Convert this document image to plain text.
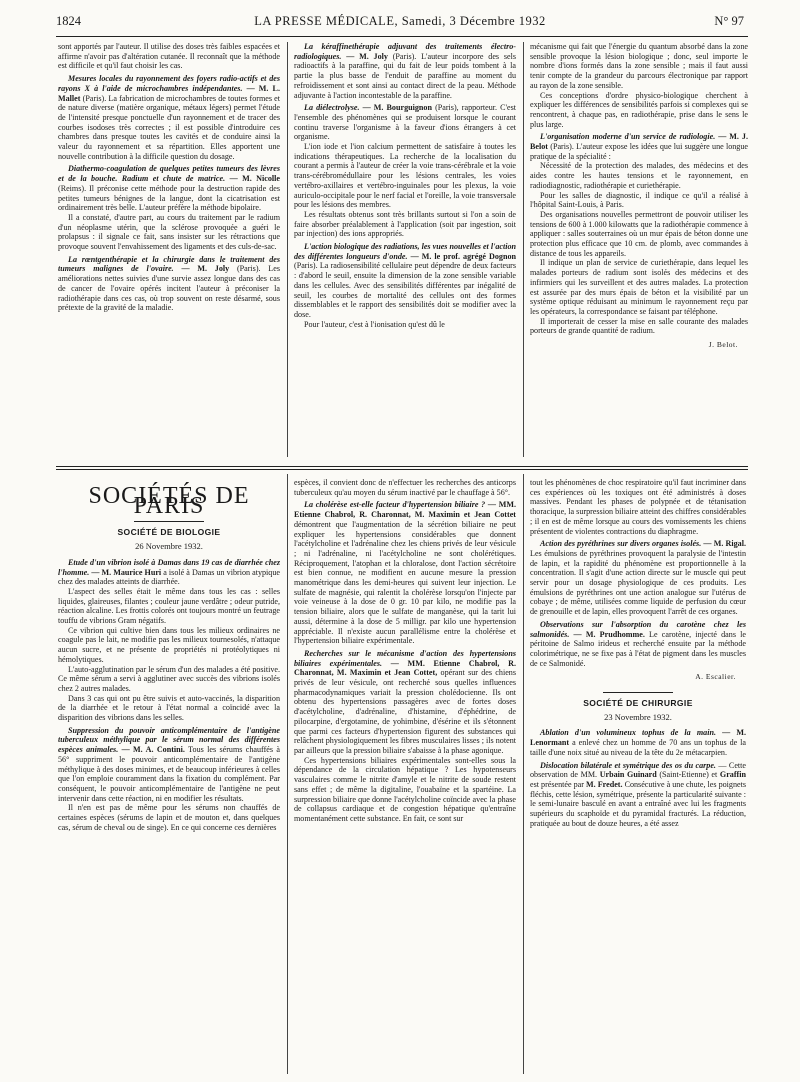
1824	LA PRESSE MÉDICALE, Samedi, 3 Décembre 1932	N° 97

sont apportés par l'auteur. Il utilise des doses très faibles espacées et affirme n'avoir pas d'altération cutanée. Il reconnaît que la méthode est difficile et qu'il faut choisir les cas.

Mesures locales du rayonnement des foyers radio-actifs et des rayons X à l'aide de microchambres indépendantes. — M. L. Mallet (Paris). La fabrication de microchambres de toutes formes et de nature diverse (matière organique, métaux légers) permet l'étude de l'intensité presque ponctuelle d'un rayonnement et de tracer des courbes isodoses très correctes ; il est possible d'introduire ces chambres dans presque toutes les cavités et de conduire ainsi la valeur du rayonnement et sa répartition. Elles apportent une nouvelle contribution à la difficile question du dosage.

Diathermo-coagulation de quelques petites tumeurs des lèvres et de la bouche. Radium et chute de matrice. — M. Nicolle (Reims). Il préconise cette méthode pour la destruction rapide des petites tumeurs bénignes de la langue, dont la cicatrisation est ordinairement très belle. L'auteur préfère la méthode bipolaire.

Il a constaté, d'autre part, au cours du traitement par le radium d'un néoplasme utérin, que la sclérose provoquée a guéri le prolapsus : il signale ce fait, sans insister sur les rétractions que provoque souvent l'envahissement des ligaments et des culs-de-sac.

La rœntgenthérapie et la chirurgie dans le traitement des tumeurs malignes de l'ovaire. — M. Joly (Paris). Les améliorations nettes suivies d'une survie assez longue dans des cas de cancer de l'ovaire opérés incitent l'auteur à préconiser la radiothérapie dans ces cas, où trop souvent on reste désarmé, sous prétexte de la gravité de la maladie.

La kéraffinethérapie adjuvant des traitements électro-radiologiques. — M. Joly (Paris). L'auteur incorpore des sels radioactifs à la paraffine, qui du fait de leur poids tombent à la partie la plus basse de l'enduit de paraffine au moment du refroidissement et sont ainsi au contact direct de la peau. Méthode adjuvante à l'action incontestable de la paraffine.

La diélectrolyse. — M. Bourguignon (Paris), rapporteur. C'est l'ensemble des phénomènes qui se produisent lorsque le courant continu traverse l'organisme à la faveur d'ions étrangers à cet organisme.

L'ion iode et l'ion calcium permettent de satisfaire à toutes les indications thérapeutiques. La recherche de la localisation du courant a permis à l'auteur de créer la voie trans-cérébrale et la voie trans-cérébromédullaire pour les lésions centrales, les voies vertébro-axillaires et vertébro-inguinales pour les plexus, la voie auriculo-occipitale pour le nerf facial et l'oreille, la voie transversale pour les lésions des membres.

Les résultats obtenus sont très brillants surtout si l'on a soin de faire absorber préalablement à l'application (soit par ingestion, soit par injection) des ions appropriés.

L'action biologique des radiations, les vues nouvelles et l'action des différentes longueurs d'onde. — M. le prof. agrégé Dognon (Paris). La radiosensibilité cellulaire peut dépendre de deux facteurs : d'abord le seuil, ensuite la dimension de la zone sensible variable dans les cellules. Avec des sensibilités différentes par inégalité de seuil, les courbes de mortalité des cellules ont des formes dissemblables et le rapport des sensibilités doit se modifier avec la dose.

Pour l'auteur, c'est à l'ionisation qu'est dû le

mécanisme qui fait que l'énergie du quantum absorbé dans la zone sensible provoque la lésion biologique ; donc, seul importe le nombre d'ions formés dans la zone sensible ; mais il faut aussi tenir compte de la grandeur du parcours électronique par rapport au rayon de la zone sensible.

Ces conceptions d'ordre physico-biologique cherchent à expliquer les différences de sensibilités parfois si complexes qui se rencontrent, à chaque pas, en radiothérapie, prise dans le sens le plus large.

L'organisation moderne d'un service de radiologie. — M. J. Belot (Paris). L'auteur expose les idées que lui suggère une longue pratique de la spécialité :

Nécessité de la protection des malades, des médecins et des aides contre les hautes tensions et le rayonnement, en radiodiagnostic, radiothérapie et curiethérapie.

Pour les salles de diagnostic, il indique ce qu'il a réalisé à l'hôpital Saint-Louis, à Paris.

Des organisations nouvelles permettront de pouvoir utiliser les tensions de 600 à 1.000 kilowatts que la radiothérapie commence à appliquer : salles souterraines où un mur épais de béton donne une protection plus efficace que 10 cm. de plomb, avec commandes à distance de tous les appareils.

Il indique un plan de service de curiethérapie, dans lequel les malades porteurs de radium sont isolés des médecins et des infirmiers qui les surveillent et des autres malades. La protection est assurée par des murs épais de béton et la visibilité par un système optique réduisant au minimum le rayonnement reçu par les opérateurs, la correspondance se faisant par téléphone.

Il importerait de cesser la mise en salle courante des malades porteurs de grande quantité de radium.

J. Belot.
SOCIÉTÉS DE PARIS
SOCIÉTÉ DE BIOLOGIE
26 Novembre 1932.

Etude d'un vibrion isolé à Damas dans 19 cas de diarrhée chez l'homme. — M. Maurice Huri a isolé à Damas un vibrion atypique chez des malades atteints de diarrhée.

L'aspect des selles était le même dans tous les cas : selles liquides, glaireuses, filantes ; couleur jaune verdâtre ; odeur putride, réaction alcaline. Les frottis colorés ont toujours montré un feutrage touffu de vibrions Gram négatifs.

Ce vibrion qui cultive bien dans tous les milieux ordinaires ne coagule pas le lait, ne modifie pas les milieux tournesolés, n'attaque aucun sucre, et ne présente de propriétés ni protéolytiques ni hémolytiques.

L'auto-agglutination par le sérum d'un des malades a été positive. Ce même sérum a servi à agglutiner avec succès des vibrions isolés chez 2 autres malades.

Dans 3 cas qui ont pu être suivis et auto-vaccinés, la disparition de la diarrhée et le retour à l'état normal a coïncidé avec la disparition des vibrions dans les selles.

Suppression du pouvoir anticomplémentaire de l'antigène tuberculeux méthylique par le sérum normal des différentes espèces animales. — M. A. Contini. Tous les sérums chauffés à 56° suppriment le pouvoir anticomplémentaire de l'antigène méthylique à des doses minimes, et de beaucoup inférieures à celles que l'on emploie couramment dans la fixation du complément. Par conséquent, le pouvoir anticomplémentaire de l'antigène ne peut intervenir dans cette réaction, ni en modifier les résultats.

Il n'en est pas de même pour les sérums non chauffés de certaines espèces (sérums de lapin et de mouton et, dans quelques cas, sérum de cheval ou de singe). En ce qui concerne ces dernières

espèces, il convient donc de n'effectuer les recherches des anticorps tuberculeux qu'au moyen du sérum inactivé par le chauffage à 56°.

La cholérèse est-elle facteur d'hypertension biliaire ? — MM. Etienne Chabrol, R. Charonnat, M. Maximin et Jean Cottet démontrent que l'augmentation de la sécrétion biliaire ne peut expliquer les hypertensions considérables que donnent l'acétylcholine et l'adrénaline chez les chiens privés de leur vésicule ; ni l'adrénaline, ni l'acétylcholine ne sont cholérétiques. Réciproquement, l'atophan et la chloralose, dont l'action sécrétoire est bien connue, ne modifient en aucune mesure la pression manométrique dans les demi-heures qui suivent leur injection. Le sulfate de magnésie, qui ralentit la cholérèse lorsqu'on l'injecte par voie veineuse à la dose de 0 gr. 10 par kilo, ne modifie pas la tension biliaire, alors que le sulfate de manganèse, qui la tarit lui aussi, détermine à la dose de 5 milligr. par kilo une hypertension appréciable. Il n'existe aucun parallélisme entre la cholérèse et l'hypertension biliaire expérimentale.

Recherches sur le mécanisme d'action des hypertensions biliaires expérimentales. — MM. Etienne Chabrol, R. Charonnat, M. Maximin et Jean Cottet, opérant sur des chiens privés de leur vésicule, ont recherché sous quelles influences pharmacodynamiques variait la pression cholédocienne. Ils ont obtenu des hypertensions passagères avec de fortes doses d'acétylcholine, d'adrénaline, d'histamine, d'éphédrine, de pilocarpine, d'ergotamine, de yohimbine, d'ésérine et ils s'étonnent que parmi ces facteurs d'hypertension figurent des substances qui relâchent physiologiquement les fibres musculaires lisses ; ils notent par ailleurs que la pression biliaire s'abaisse à la phase agonique.

Ces hypertensions biliaires expérimentales sont-elles sous la dépendance de la circulation hépatique ? Les hypotenseurs vasculaires comme le nitrite d'amyle et le nitrite de soude restent sans effet ; de même la digitaline, l'ouabaïne et la spartéine. La surpression biliaire que donne l'acétylcholine coïncide avec la phase de collapsus cardiaque et de congestion hépatique qu'entraîne momentanément cette substance. En fait, ce sont sur

tout les phénomènes de choc respiratoire qu'il faut incriminer dans ces expériences où les toxiques ont été administrés à doses massives. Pendant les phases de polypnée et de tétanisation thoracique, la surpression biliaire atteint des chiffres considérables ; il en est de même lorsque au cours des vomissements les chiens présentent de violentes contractions du diaphragme.

Action des pyréthrines sur divers organes isolés. — M. Rigal. Les émulsions de pyréthrines provoquent la paralysie de l'intestin de lapin, et la rapidité du phénomène est proportionnelle à la concentration. Il s'agit d'une action directe sur le muscle qui peut servir pour un dosage physiologique de ces produits. Les émulsions de pyréthrines ont une action analogue sur l'utérus de cobaye ; de même, utilisées comme liquide de perfusion du cœur de grenouille et de lapin, elles provoquent l'arrêt de ces organes.

Observations sur l'absorption du carotène chez les salmonidés. — M. Prudhomme. Le carotène, injecté dans le péritoine de Salmo irideus et recherché ensuite par la méthode colorimétrique, ne se fixe pas à l'état de pigment dans les muscles de ce Salmonidé.

A. Escalier.
SOCIÉTÉ DE CHIRURGIE
23 Novembre 1932.

Ablation d'un volumineux tophus de la main. — M. Lenormant a enlevé chez un homme de 70 ans un tophus de la taille d'une noix situé au niveau de la tête du 2e métacarpien.

Dislocation bilatérale et symétrique des os du carpe. — Cette observation de MM. Urbain Guinard (Saint-Etienne) et Graffin est présentée par M. Fredet. Consécutive à une chute, les poignets fléchis, cette lésion, symétrique, présente la particularité suivante : le semi-lunaire basculé en avant a entraîné avec lui les fragments supérieurs du scaphoïde et du pyramidal fracturés. La réduction, pratiquée au bout de douze heures, a été assez
